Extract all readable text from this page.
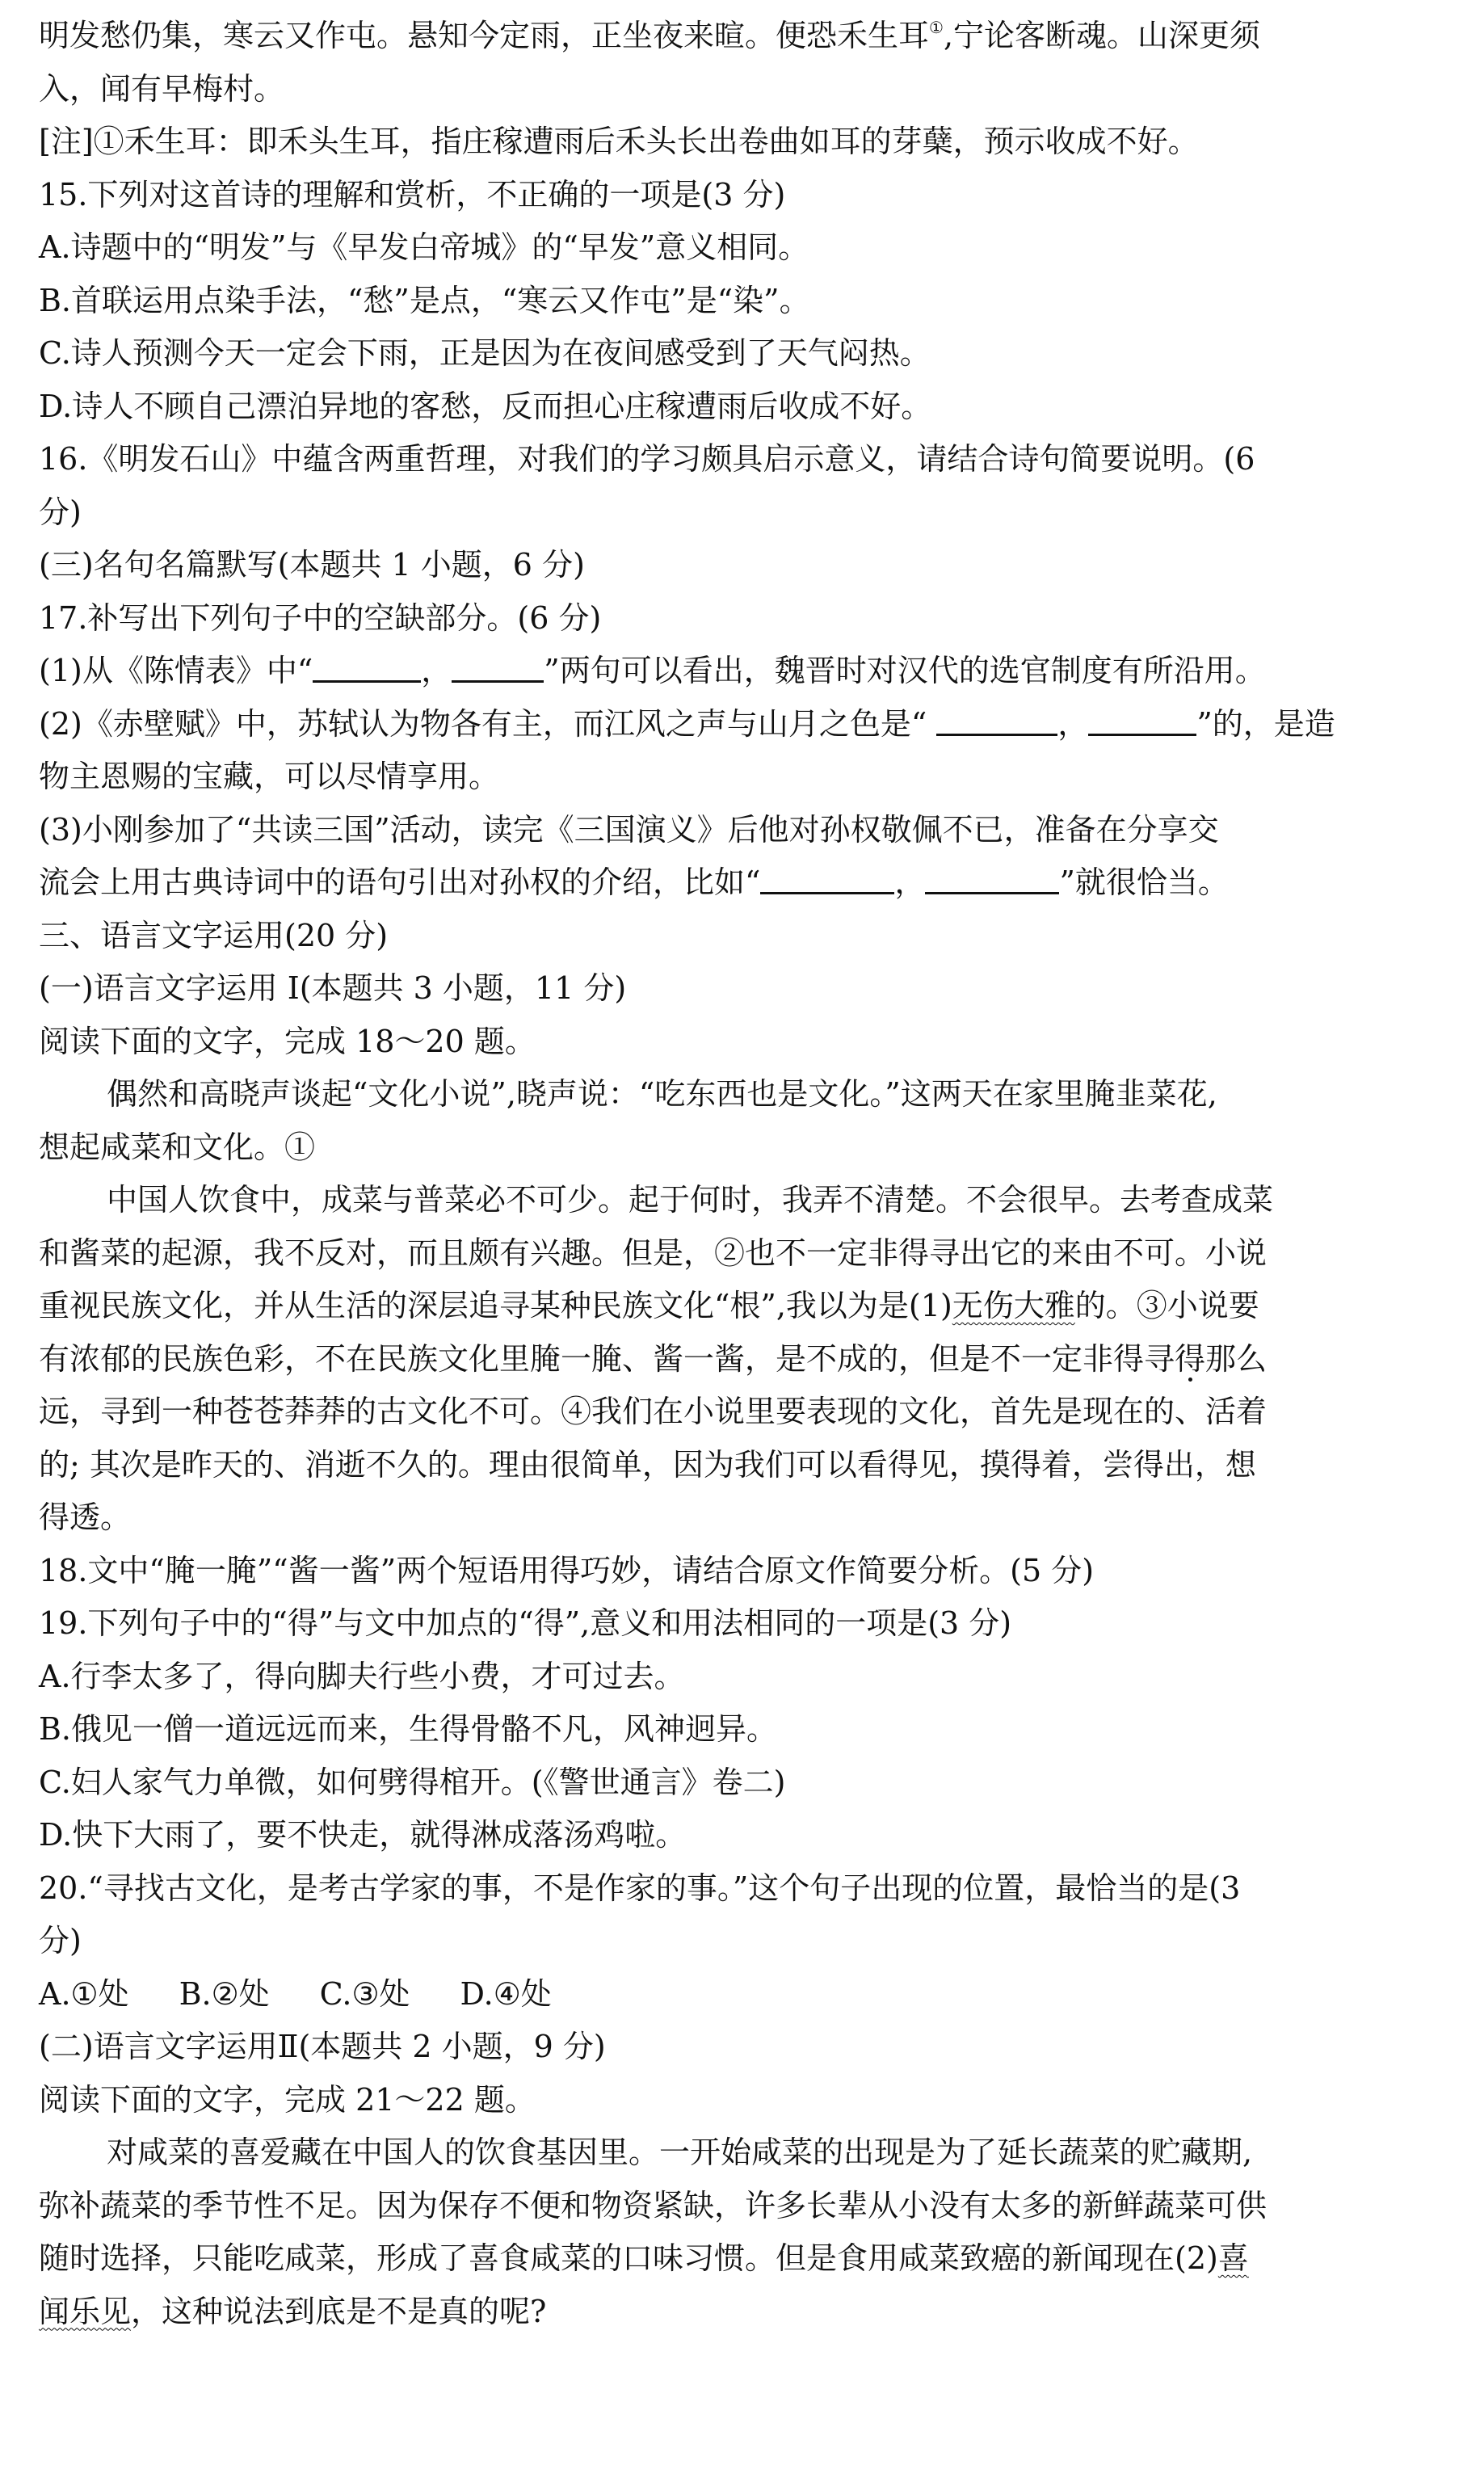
明发愁仍集，寒云又作屯。悬知今定雨，正坐夜来暄。便恐禾生耳①,宁论客断魂。山深更须
入，闻有早梅村。
[注]①禾生耳：即禾头生耳，指庄稼遭雨后禾头长出卷曲如耳的芽蘖，预示收成不好。
15.下列对这首诗的理解和赏析，不正确的一项是(3 分)
A.诗题中的“明发”与《早发白帝城》的“早发”意义相同。
B.首联运用点染手法，“愁”是点，“寒云又作屯”是“染”。
C.诗人预测今天一定会下雨，正是因为在夜间感受到了天气闷热。
D.诗人不顾自己漂泊异地的客愁，反而担心庄稼遭雨后收成不好。
16.《明发石山》中蕴含两重哲理，对我们的学习颇具启示意义，请结合诗句简要说明。(6
分)
(三)名句名篇默写(本题共 1 小题，6 分)
17.补写出下列句子中的空缺部分。(6 分)
(1)从《陈情表》中“	，	”两句可以看出，魏晋时对汉代的选官制度有所沿用。
(2)《赤壁赋》中，苏轼认为物各有主，而江风之声与山月之色是“	，	”的，是造
物主恩赐的宝藏，可以尽情享用。
(3)小刚参加了“共读三国”活动，读完《三国演义》后他对孙权敬佩不已，准备在分享交
流会上用古典诗词中的语句引出对孙权的介绍，比如“	，	”就很恰当。
三、语言文字运用(20 分)
(一)语言文字运用 Ⅰ(本题共 3 小题，11 分)
阅读下面的文字，完成 18～20 题。
偶然和高晓声谈起“文化小说”,晓声说：“吃东西也是文化。”这两天在家里腌韭菜花,
想起咸菜和文化。①
中国人饮食中，成菜与普菜必不可少。起于何时，我弄不清楚。不会很早。去考查成菜
和酱菜的起源，我不反对，而且颇有兴趣。但是，②也不一定非得寻出它的来由不可。小说
重视民族文化，并从生活的深层追寻某种民族文化“根”,我以为是(1)无伤大雅的。③小说要
有浓郁的民族色彩，不在民族文化里腌一腌、酱一酱，是不成的，但是不一定非得寻得那么
远，寻到一种苍苍莽莽的古文化不可。④我们在小说里要表现的文化，首先是现在的、活着
的; 其次是昨天的、消逝不久的。理由很简单，因为我们可以看得见，摸得着，尝得出，想
得透。
18.文中“腌一腌”“酱一酱”两个短语用得巧妙，请结合原文作简要分析。(5 分)
19.下列句子中的“得”与文中加点的“得”,意义和用法相同的一项是(3 分)
A.行李太多了，得向脚夫行些小费，才可过去。
B.俄见一僧一道远远而来，生得骨骼不凡，风神迥异。
C.妇人家气力单微，如何劈得棺开。(《警世通言》卷二)
D.快下大雨了，要不快走，就得淋成落汤鸡啦。
20.“寻找古文化，是考古学家的事，不是作家的事。”这个句子出现的位置，最恰当的是(3
分)
A.①处 B.②处 C.③处 D.④处
(二)语言文字运用Ⅱ(本题共 2 小题，9 分)
阅读下面的文字，完成 21～22 题。
对咸菜的喜爱藏在中国人的饮食基因里。一开始咸菜的出现是为了延长蔬菜的贮藏期,
弥补蔬菜的季节性不足。因为保存不便和物资紧缺，许多长辈从小没有太多的新鲜蔬菜可供
随时选择，只能吃咸菜，形成了喜食咸菜的口味习惯。但是食用咸菜致癌的新闻现在(2)喜
闻乐见，这种说法到底是不是真的呢?
